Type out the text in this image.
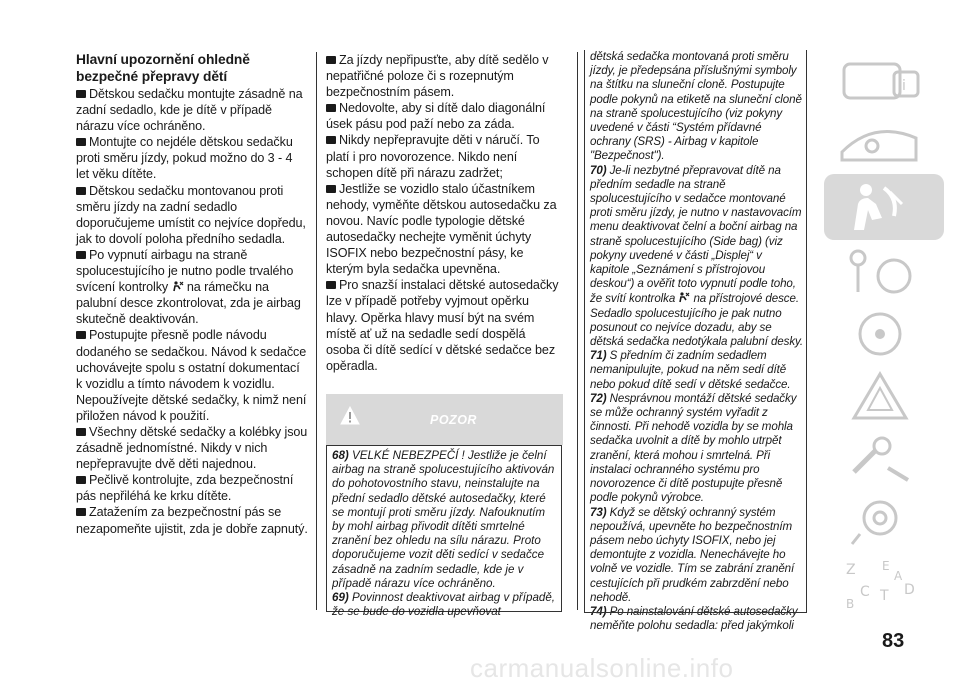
Hlavní upozornění ohledně bezpečné přepravy dětí

Dětskou sedačku montujte zásadně na zadní sedadlo, kde je dítě v případě nárazu více ochráněno.

Montujte co nejdéle dětskou sedačku proti směru jízdy, pokud možno do 3 - 4 let věku dítěte.

Dětskou sedačku montovanou proti směru jízdy na zadní sedadlo doporučujeme umístit co nejvíce dopředu, jak to dovolí poloha předního sedadla.

Po vypnutí airbagu na straně spolucestujícího je nutno podle trvalého svícení kontrolky na rámečku na palubní desce zkontrolovat, zda je airbag skutečně deaktivován.

Postupujte přesně podle návodu dodaného se sedačkou. Návod k sedačce uchovávejte spolu s ostatní dokumentací k vozidlu a tímto návodem k vozidlu. Nepoužívejte dětské sedačky, k nimž není přiložen návod k použití.

Všechny dětské sedačky a kolébky jsou zásadně jednomístné. Nikdy v nich nepřepravujte dvě děti najednou.

Pečlivě kontrolujte, zda bezpečnostní pás nepřiléhá ke krku dítěte.

Zatažením za bezpečnostní pás se nezapomeňte ujistit, zda je dobře zapnutý.

Za jízdy nepřipusťte, aby dítě sedělo v nepatřičné poloze či s rozepnutým bezpečnostním pásem.

Nedovolte, aby si dítě dalo diagonální úsek pásu pod paží nebo za záda.

Nikdy nepřepravujte děti v náručí. To platí i pro novorozence. Nikdo není schopen dítě při nárazu zadržet;

Jestliže se vozidlo stalo účastníkem nehody, vyměňte dětskou autosedačku za novou. Navíc podle typologie dětské autosedačky nechejte vyměnit úchyty ISOFIX nebo bezpečnostní pásy, ke kterým byla sedačka upevněna.

Pro snazší instalaci dětské autosedačky lze v případě potřeby vyjmout opěrku hlavy. Opěrka hlavy musí být na svém místě ať už na sedadle sedí dospělá osoba či dítě sedící v dětské sedačce bez opěradla.

POZOR

68) VELKÉ NEBEZPEČÍ ! Jestliže je čelní airbag na straně spolucestujícího aktivován do pohotovostního stavu, neinstalujte na přední sedadlo dětské autosedačky, které se montují proti směru jízdy. Nafouknutím by mohl airbag přivodit dítěti smrtelné zranění bez ohledu na sílu nárazu. Proto doporučujeme vozit děti sedící v sedačce zásadně na zadním sedadle, kde je v případě nárazu více ochráněno.

69) Povinnost deaktivovat airbag v případě, že se bude do vozidla upevňovat

dětská sedačka montovaná proti směru jízdy, je předepsána příslušnými symboly na štítku na sluneční cloně. Postupujte podle pokynů na etiketě na sluneční cloně na straně spolucestujícího (viz pokyny uvedené v části “Systém přídavné ochrany (SRS) - Airbag v kapitole "Bezpečnost").

70) Je-li nezbytné přepravovat dítě na předním sedadle na straně spolucestujícího v sedačce montované proti směru jízdy, je nutno v nastavovacím menu deaktivovat čelní a boční airbag na straně spolucestujícího (Side bag) (viz pokyny uvedené v části „Displej“ v kapitole „Seznámení s přístrojovou deskou“) a ověřit toto vypnutí podle toho, že svítí kontrolka na přístrojové desce. Sedadlo spolucestujícího je pak nutno posunout co nejvíce dozadu, aby se dětská sedačka nedotýkala palubní desky.

71) S předním či zadním sedadlem nemanipulujte, pokud na něm sedí dítě nebo pokud dítě sedí v dětské sedačce.

72) Nesprávnou montáží dětské sedačky se může ochranný systém vyřadit z činnosti. Při nehodě vozidla by se mohla sedačka uvolnit a dítě by mohlo utrpět zranění, která mohou i smrtelná. Při instalaci ochranného systému pro novorozence či dítě postupujte přesně podle pokynů výrobce.

73) Když se dětský ochranný systém nepoužívá, upevněte ho bezpečnostním pásem nebo úchyty ISOFIX, nebo jej demontujte z vozidla. Nenechávejte ho volně ve vozidle. Tím se zabrání zranění cestujících při prudkém zabrzdění nebo nehodě.

74) Po nainstalování dětské autosedačky neměňte polohu sedadla: před jakýmkoli

i
Z E
C T D
A
B
83
carmanualsonline.info
